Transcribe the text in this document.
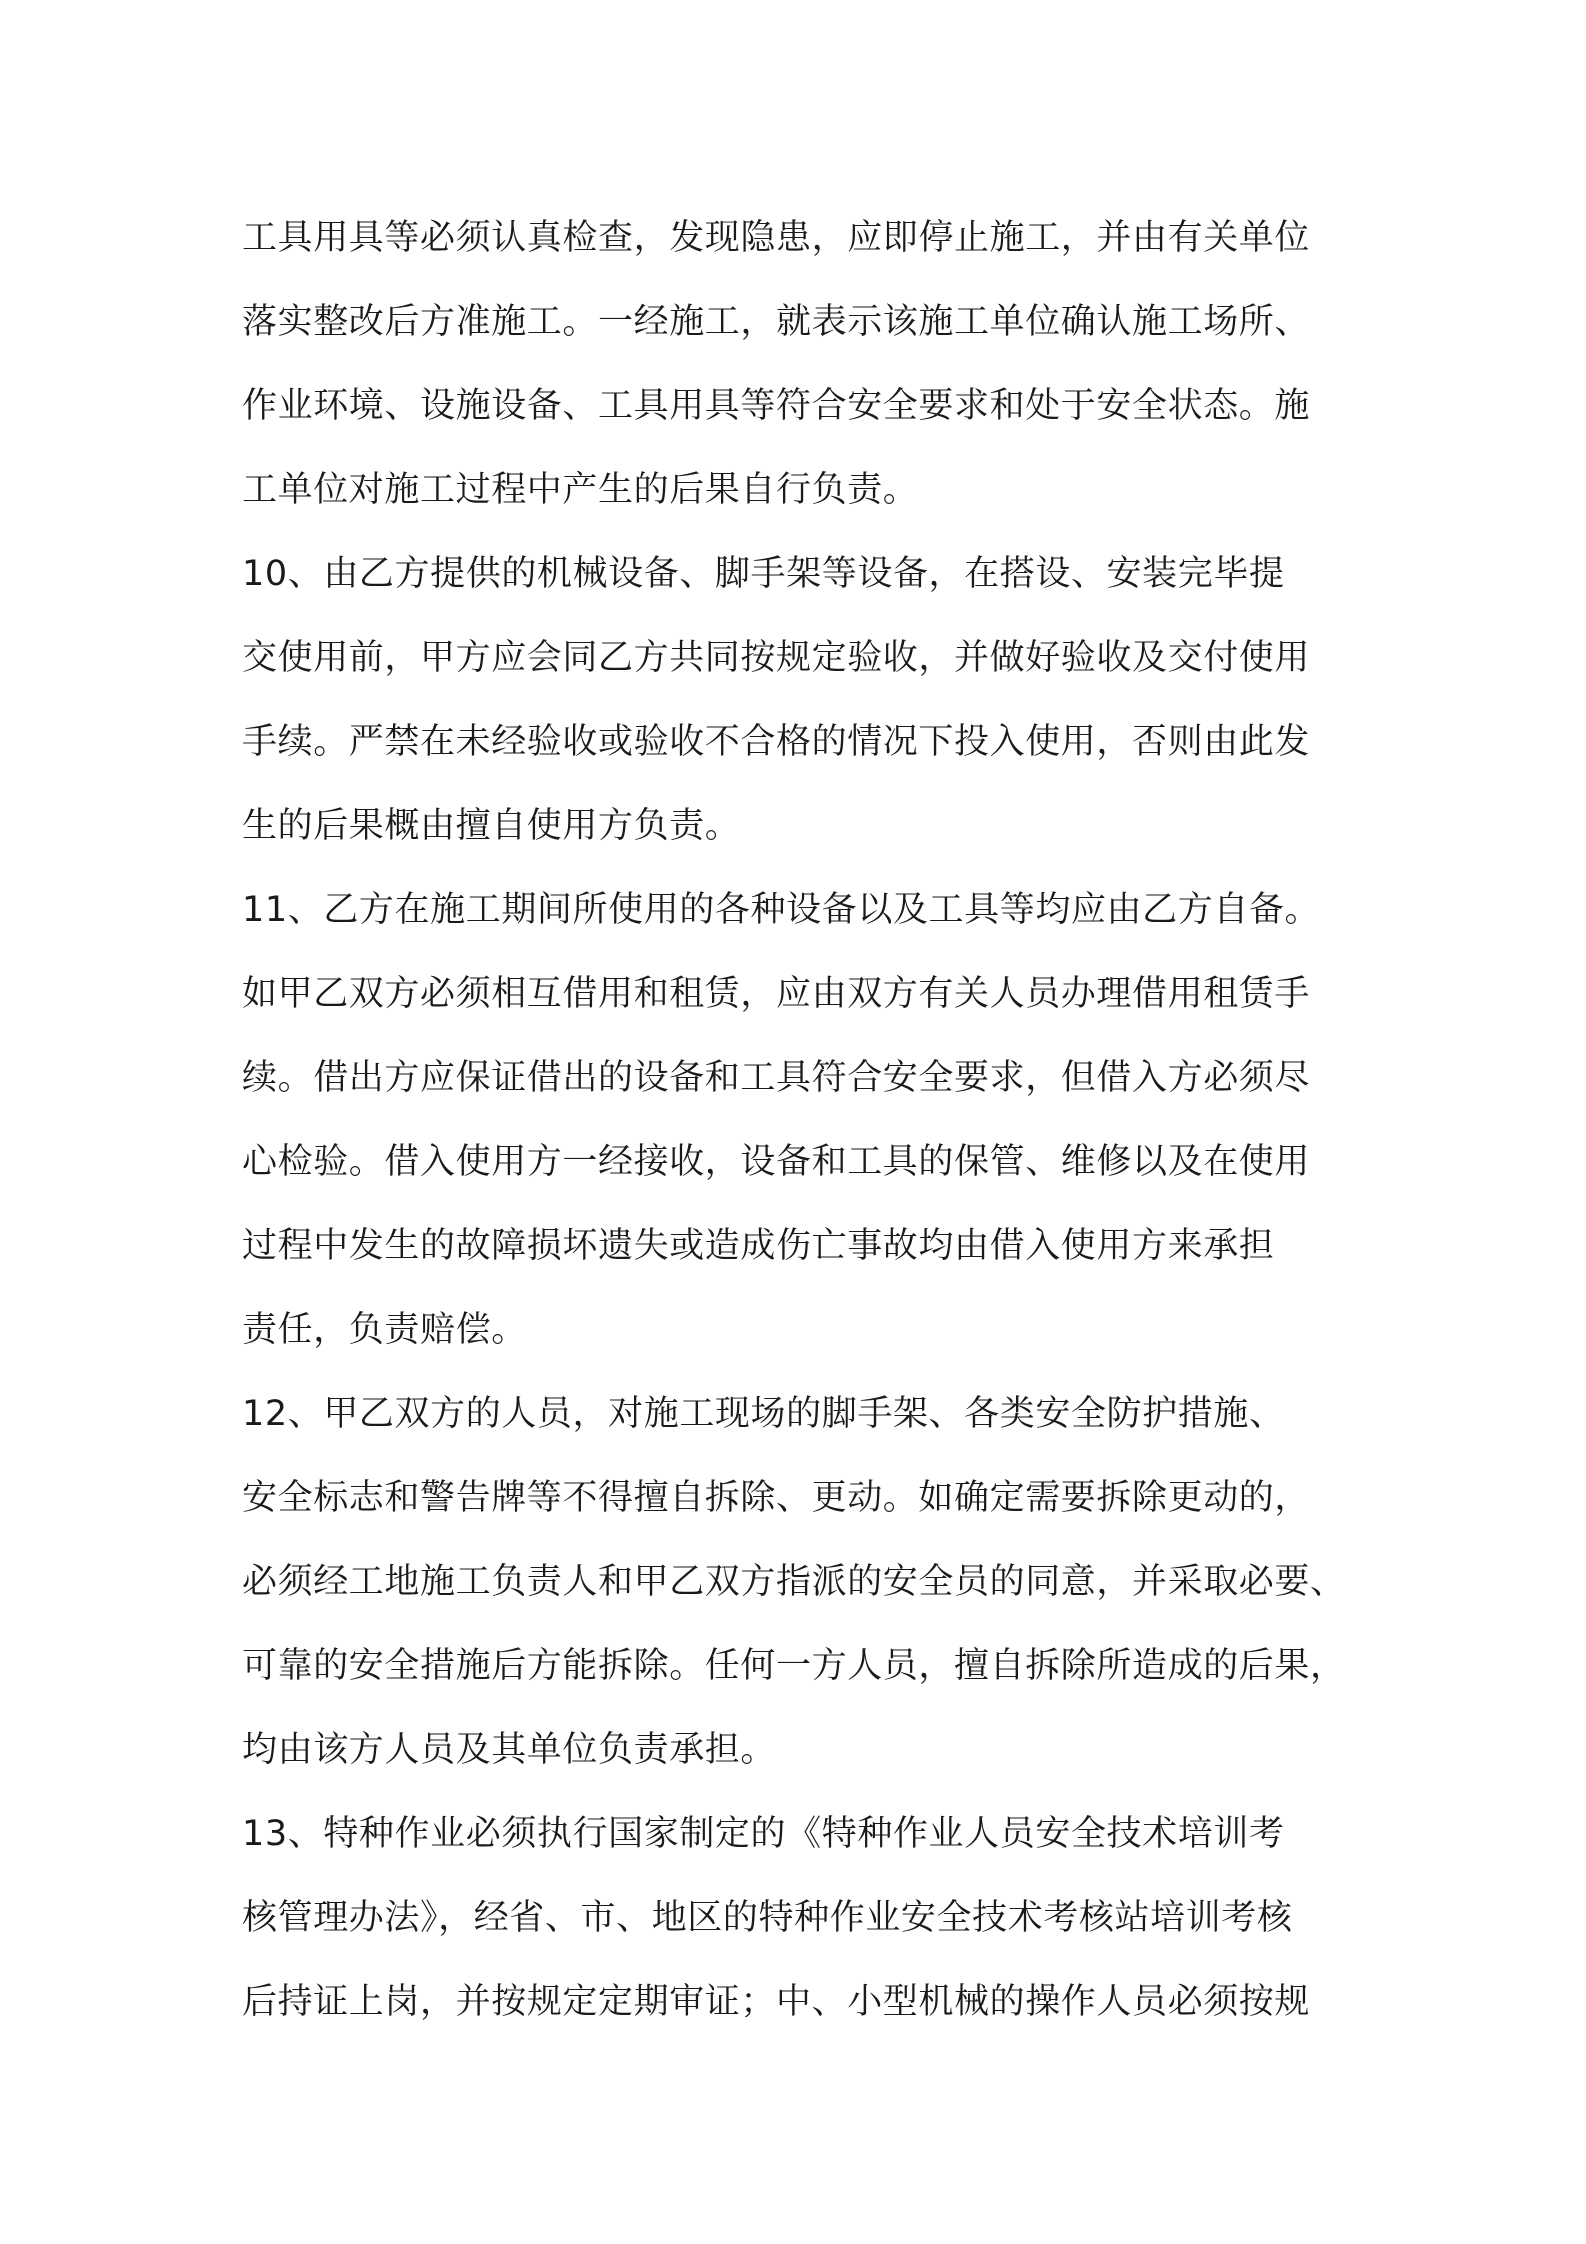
工具用具等必须认真检查，发现隐患，应即停止施工，并由有关单位
落实整改后方准施工。一经施工，就表示该施工单位确认施工场所、
作业环境、设施设备、工具用具等符合安全要求和处于安全状态。施
工单位对施工过程中产生的后果自行负责。
10、由乙方提供的机械设备、脚手架等设备，在搭设、安装完毕提
交使用前，甲方应会同乙方共同按规定验收，并做好验收及交付使用
手续。严禁在未经验收或验收不合格的情况下投入使用，否则由此发
生的后果概由擅自使用方负责。
11、乙方在施工期间所使用的各种设备以及工具等均应由乙方自备。
如甲乙双方必须相互借用和租赁，应由双方有关人员办理借用租赁手
续。借出方应保证借出的设备和工具符合安全要求，但借入方必须尽
心检验。借入使用方一经接收，设备和工具的保管、维修以及在使用
过程中发生的故障损坏遗失或造成伤亡事故均由借入使用方来承担
责任，负责赔偿。
12、甲乙双方的人员，对施工现场的脚手架、各类安全防护措施、
安全标志和警告牌等不得擅自拆除、更动。如确定需要拆除更动的，
必须经工地施工负责人和甲乙双方指派的安全员的同意，并采取必要、
可靠的安全措施后方能拆除。任何一方人员，擅自拆除所造成的后果，
均由该方人员及其单位负责承担。
13、特种作业必须执行国家制定的《特种作业人员安全技术培训考
核管理办法》，经省、市、地区的特种作业安全技术考核站培训考核
后持证上岗，并按规定定期审证；中、小型机械的操作人员必须按规
